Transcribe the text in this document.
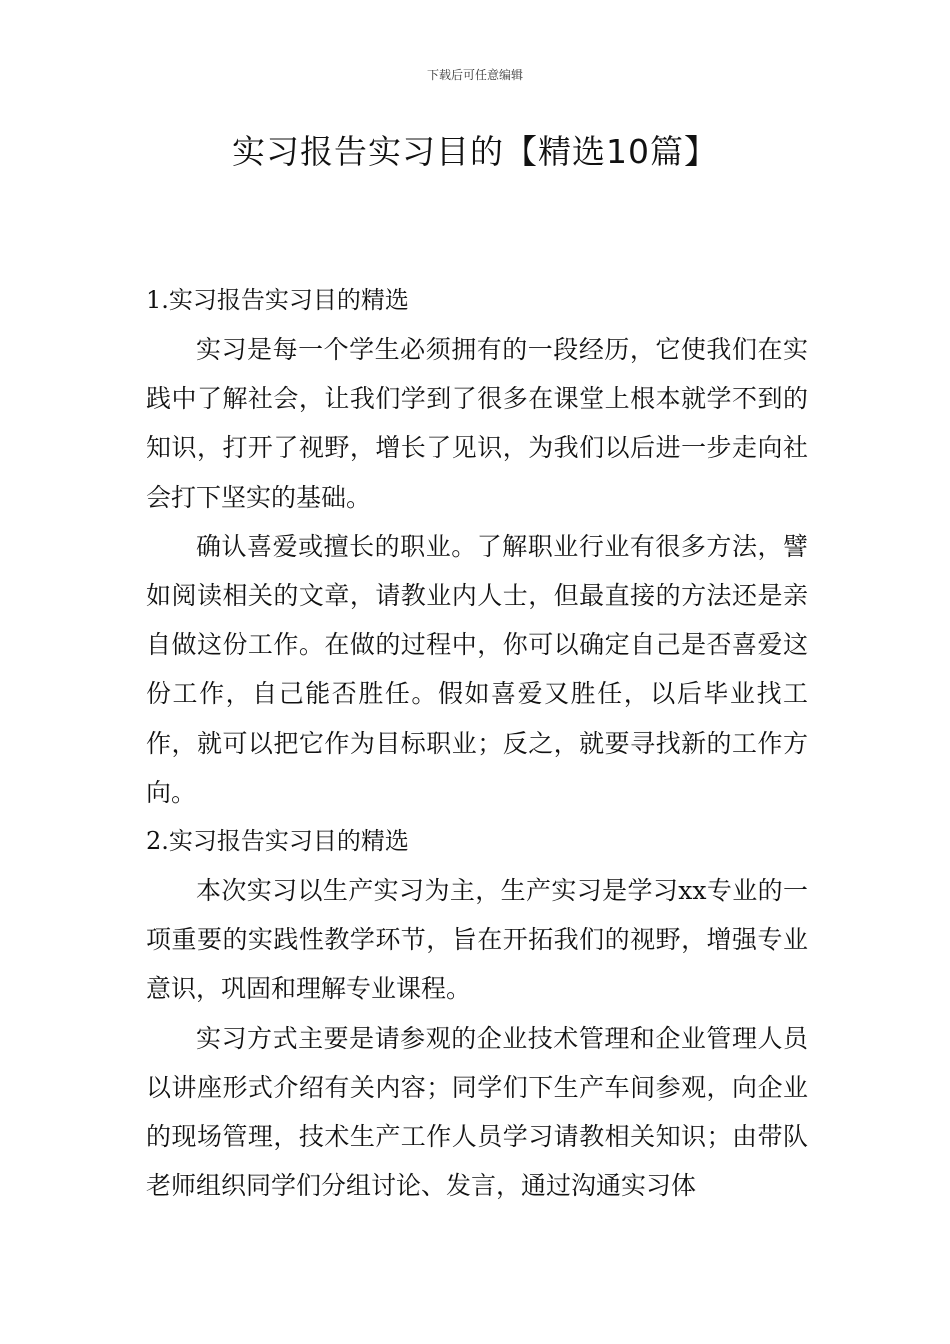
下载后可任意编辑
实习报告实习目的【精选10篇】
1.实习报告实习目的精选

实习是每一个学生必须拥有的一段经历，它使我们在实践中了解社会，让我们学到了很多在课堂上根本就学不到的知识，打开了视野，增长了见识，为我们以后进一步走向社会打下坚实的基础。

确认喜爱或擅长的职业。了解职业行业有很多方法，譬如阅读相关的文章，请教业内人士，但最直接的方法还是亲自做这份工作。在做的过程中，你可以确定自己是否喜爱这份工作，自己能否胜任。假如喜爱又胜任，以后毕业找工作，就可以把它作为目标职业；反之，就要寻找新的工作方向。

2.实习报告实习目的精选

本次实习以生产实习为主，生产实习是学习xx专业的一项重要的实践性教学环节，旨在开拓我们的视野，增强专业意识，巩固和理解专业课程。

实习方式主要是请参观的企业技术管理和企业管理人员以讲座形式介绍有关内容；同学们下生产车间参观，向企业的现场管理，技术生产工作人员学习请教相关知识；由带队老师组织同学们分组讨论、发言，通过沟通实习体
